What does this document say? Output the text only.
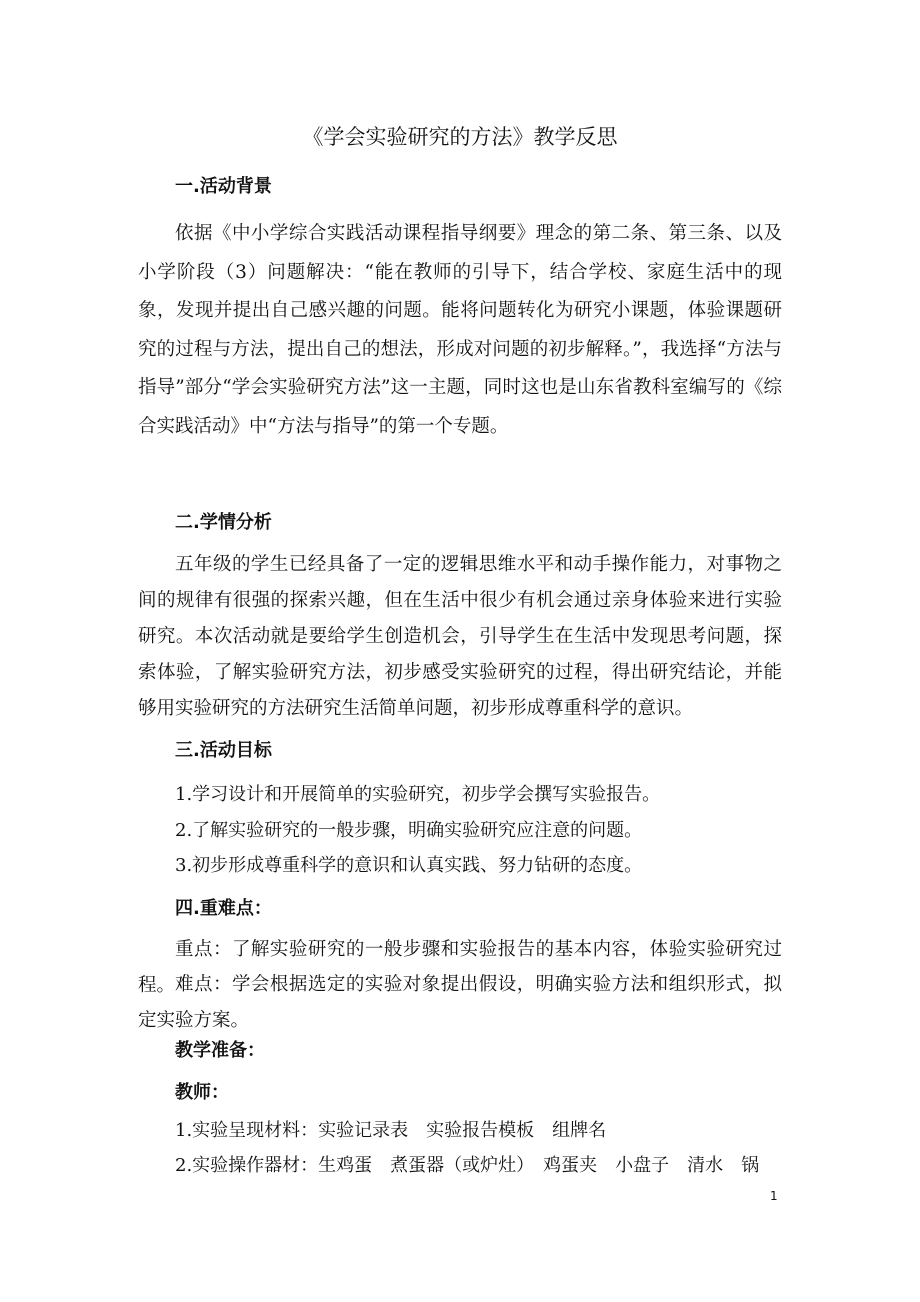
《学会实验研究的方法》教学反思
一.活动背景

依据《中小学综合实践活动课程指导纲要》理念的第二条、第三条、以及小学阶段（3）问题解决：“能在教师的引导下，结合学校、家庭生活中的现象，发现并提出自己感兴趣的问题。能将问题转化为研究小课题，体验课题研究的过程与方法，提出自己的想法，形成对问题的初步解释。”，我选择“方法与指导”部分“学会实验研究方法”这一主题，同时这也是山东省教科室编写的《综合实践活动》中“方法与指导”的第一个专题。

二.学情分析

五年级的学生已经具备了一定的逻辑思维水平和动手操作能力，对事物之间的规律有很强的探索兴趣，但在生活中很少有机会通过亲身体验来进行实验研究。本次活动就是要给学生创造机会，引导学生在生活中发现思考问题，探索体验，了解实验研究方法，初步感受实验研究的过程，得出研究结论，并能够用实验研究的方法研究生活简单问题，初步形成尊重科学的意识。

三.活动目标
1.学习设计和开展简单的实验研究，初步学会撰写实验报告。
2.了解实验研究的一般步骤，明确实验研究应注意的问题。
3.初步形成尊重科学的意识和认真实践、努力钻研的态度。
四.重难点：

重点：了解实验研究的一般步骤和实验报告的基本内容，体验实验研究过程。 难点：学会根据选定的实验对象提出假设，明确实验方法和组织形式，拟定实验方案。

教学准备：
教师：
1.实验呈现材料：实验记录表　实验报告模板　组牌名
2.实验操作器材：生鸡蛋　煮蛋器（或炉灶）　鸡蛋夹　小盘子　清水　锅
1
